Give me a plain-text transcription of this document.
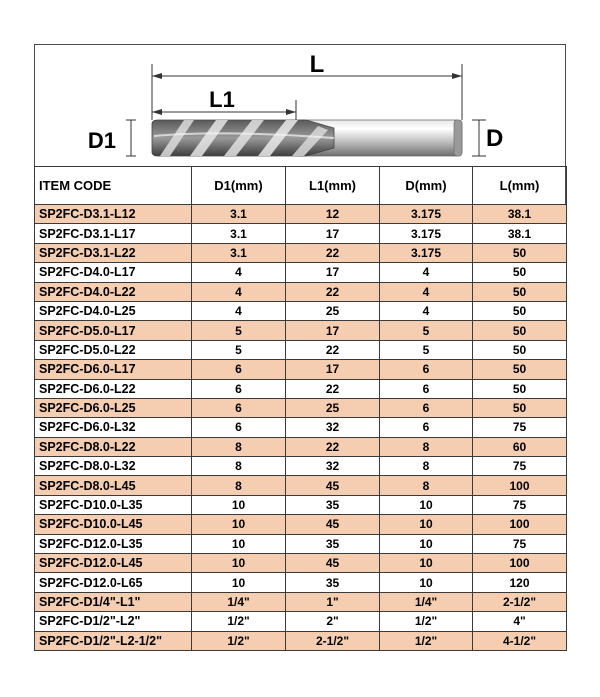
L
L1
D1	D
ITEM CODE	D1(mm)	L1(mm)	D(mm)	L(mm)
SP2FC-D3.1-L12	3.1	12	3.175	38.1
SP2FC-D3.1-L17	3.1	17	3.175	38.1
SP2FC-D3.1-L22	3.1	22	3.175	50
SP2FC-D4.0-L17	4	17	4	50
SP2FC-D4.0-L22	4	22	4	50
SP2FC-D4.0-L25	4	25	4	50
SP2FC-D5.0-L17	5	17	5	50
SP2FC-D5.0-L22	5	22	5	50
SP2FC-D6.0-L17	6	17	6	50
SP2FC-D6.0-L22	6	22	6	50
SP2FC-D6.0-L25	6	25	6	50
SP2FC-D6.0-L32	6	32	6	75
SP2FC-D8.0-L22	8	22	8	60
SP2FC-D8.0-L32	8	32	8	75
SP2FC-D8.0-L45	8	45	8	100
SP2FC-D10.0-L35	10	35	10	75
SP2FC-D10.0-L45	10	45	10	100
SP2FC-D12.0-L35	10	35	10	75
SP2FC-D12.0-L45	10	45	10	100
SP2FC-D12.0-L65	10	35	10	120
SP2FC-D1/4"-L1"	1/4"	1"	1/4"	2-1/2"
SP2FC-D1/2"-L2"	1/2"	2"	1/2"	4"
SP2FC-D1/2"-L2-1/2"	1/2"	2-1/2"	1/2"	4-1/2"
